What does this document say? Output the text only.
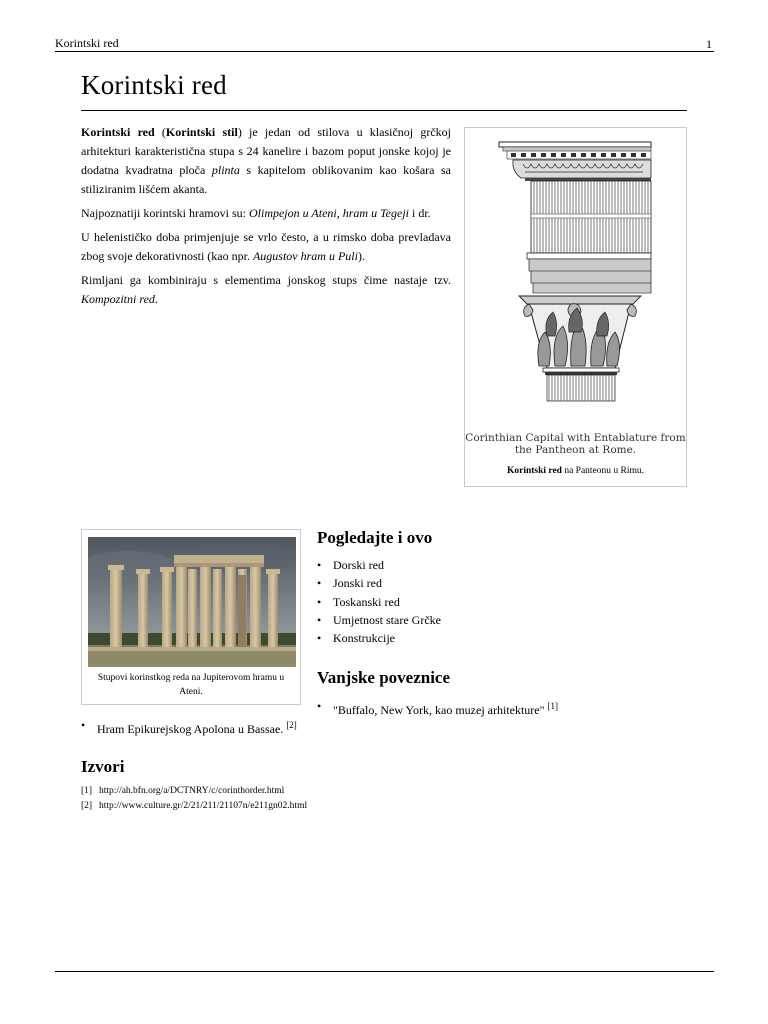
Korintski red	1
Korintski red

Korintski red (Korintski stil) je jedan od stilova u klasičnoj grčkoj arhitekturi karakteristična stupa s 24 kanelire i bazom poput jonske kojoj je dodatna kvadratna ploča plinta s kapitelom oblikovanim kao košara sa stiliziranim lišćem akanta.

Najpoznatiji korintski hramovi su: Olimpejon u Ateni, hram u Tegeji i dr.

U helenističko doba primjenjuje se vrlo često, a u rimsko doba prevladava zbog svoje dekorativnosti (kao npr. Augustov hram u Puli).

Rimljani ga kombiniraju s elementima jonskog stups čime nastaje tzv. Kompozitni red.

Corinthian Capital with Entablature from
the Pantheon at Rome.
Korintski red na Panteonu u Rimu.
Stupovi korinstkog reda na Jupiterovom hramu u Ateni.
Pogledajte i ovo
• Dorski red
• Jonski red
• Toskanski red
• Umjetnost stare Grčke
• Konstrukcije
Vanjske poveznice
• "Buffalo, New York, kao muzej arhitekture" [1]
• Hram Epikurejskog Apolona u Bassae. [2]
Izvori
[1] http://ah.bfn.org/a/DCTNRY/c/corinthorder.html
[2] http://www.culture.gr/2/21/211/21107n/e211gn02.html
